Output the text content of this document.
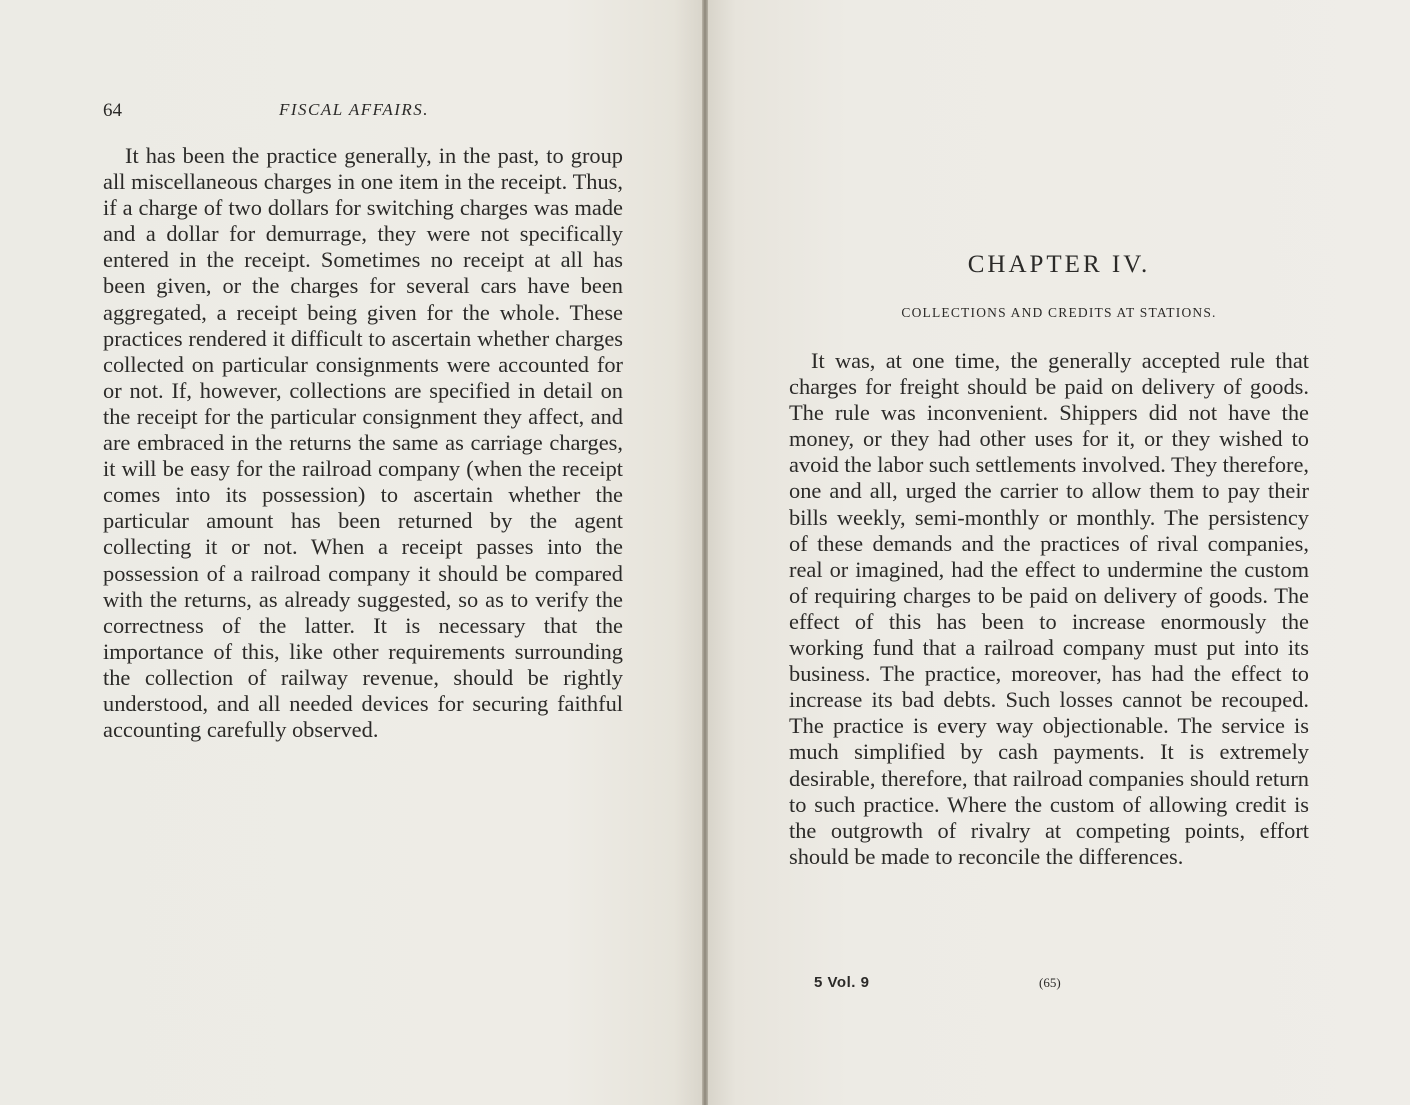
64	FISCAL AFFAIRS.

It has been the practice generally, in the past, to group all miscellaneous charges in one item in the receipt. Thus, if a charge of two dollars for switching charges was made and a dollar for demurrage, they were not specifically entered in the receipt. Sometimes no receipt at all has been given, or the charges for several cars have been aggregated, a receipt being given for the whole. These practices rendered it difficult to ascertain whether charges collected on particular consignments were accounted for or not. If, however, collections are specified in detail on the receipt for the particular consignment they affect, and are embraced in the returns the same as carriage charges, it will be easy for the railroad company (when the receipt comes into its possession) to ascertain whether the particular amount has been returned by the agent collecting it or not. When a receipt passes into the possession of a railroad company it should be compared with the returns, as already suggested, so as to verify the correctness of the latter. It is necessary that the importance of this, like other requirements surrounding the collection of railway revenue, should be rightly understood, and all needed devices for securing faithful accounting carefully observed.

CHAPTER IV.
COLLECTIONS AND CREDITS AT STATIONS.

It was, at one time, the generally accepted rule that charges for freight should be paid on delivery of goods. The rule was inconvenient. Shippers did not have the money, or they had other uses for it, or they wished to avoid the labor such settlements involved. They therefore, one and all, urged the carrier to allow them to pay their bills weekly, semi-monthly or monthly. The persistency of these demands and the practices of rival companies, real or imagined, had the effect to undermine the custom of requiring charges to be paid on delivery of goods. The effect of this has been to increase enormously the working fund that a railroad company must put into its business. The practice, moreover, has had the effect to increase its bad debts. Such losses cannot be recouped. The practice is every way objectionable. The service is much simplified by cash payments. It is extremely desirable, therefore, that railroad companies should return to such practice. Where the custom of allowing credit is the outgrowth of rivalry at competing points, effort should be made to reconcile the differences.

5 Vol. 9	(65)
